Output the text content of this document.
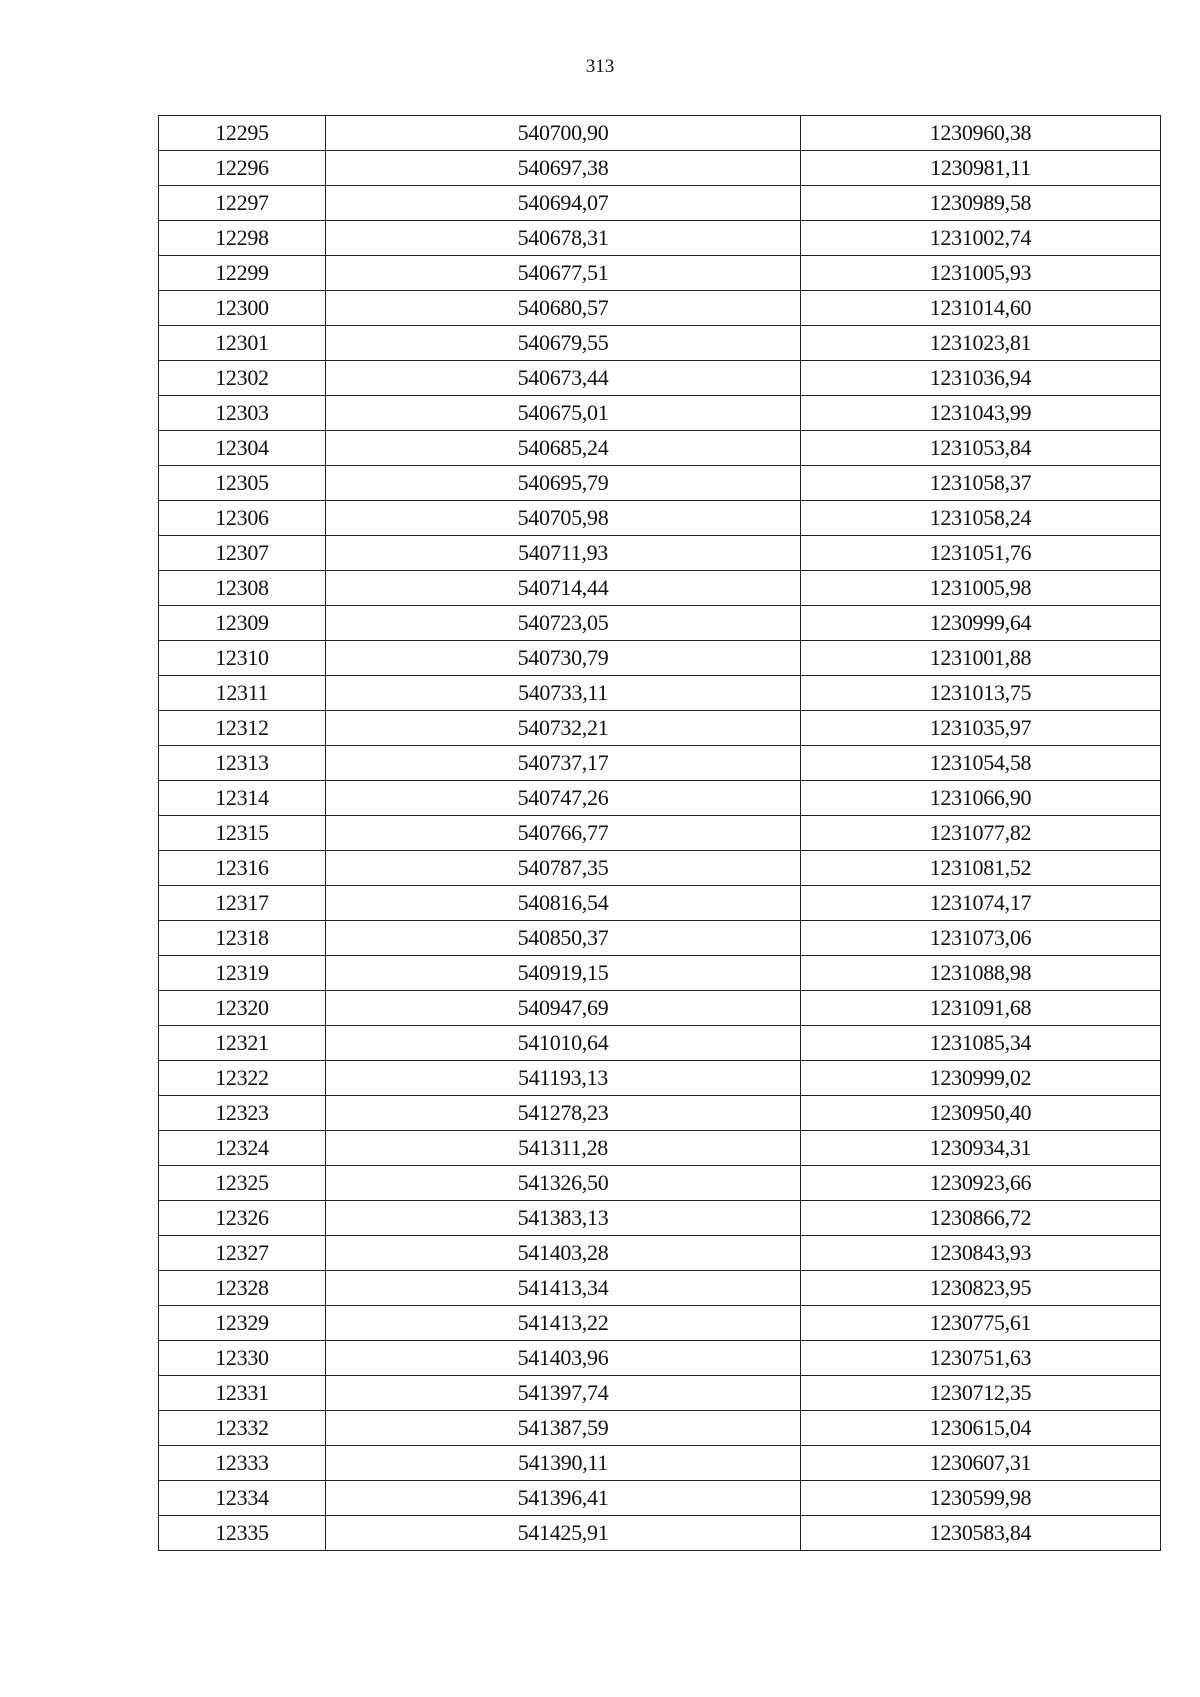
313
12295	540700,90	1230960,38
12296	540697,38	1230981,11
12297	540694,07	1230989,58
12298	540678,31	1231002,74
12299	540677,51	1231005,93
12300	540680,57	1231014,60
12301	540679,55	1231023,81
12302	540673,44	1231036,94
12303	540675,01	1231043,99
12304	540685,24	1231053,84
12305	540695,79	1231058,37
12306	540705,98	1231058,24
12307	540711,93	1231051,76
12308	540714,44	1231005,98
12309	540723,05	1230999,64
12310	540730,79	1231001,88
12311	540733,11	1231013,75
12312	540732,21	1231035,97
12313	540737,17	1231054,58
12314	540747,26	1231066,90
12315	540766,77	1231077,82
12316	540787,35	1231081,52
12317	540816,54	1231074,17
12318	540850,37	1231073,06
12319	540919,15	1231088,98
12320	540947,69	1231091,68
12321	541010,64	1231085,34
12322	541193,13	1230999,02
12323	541278,23	1230950,40
12324	541311,28	1230934,31
12325	541326,50	1230923,66
12326	541383,13	1230866,72
12327	541403,28	1230843,93
12328	541413,34	1230823,95
12329	541413,22	1230775,61
12330	541403,96	1230751,63
12331	541397,74	1230712,35
12332	541387,59	1230615,04
12333	541390,11	1230607,31
12334	541396,41	1230599,98
12335	541425,91	1230583,84
